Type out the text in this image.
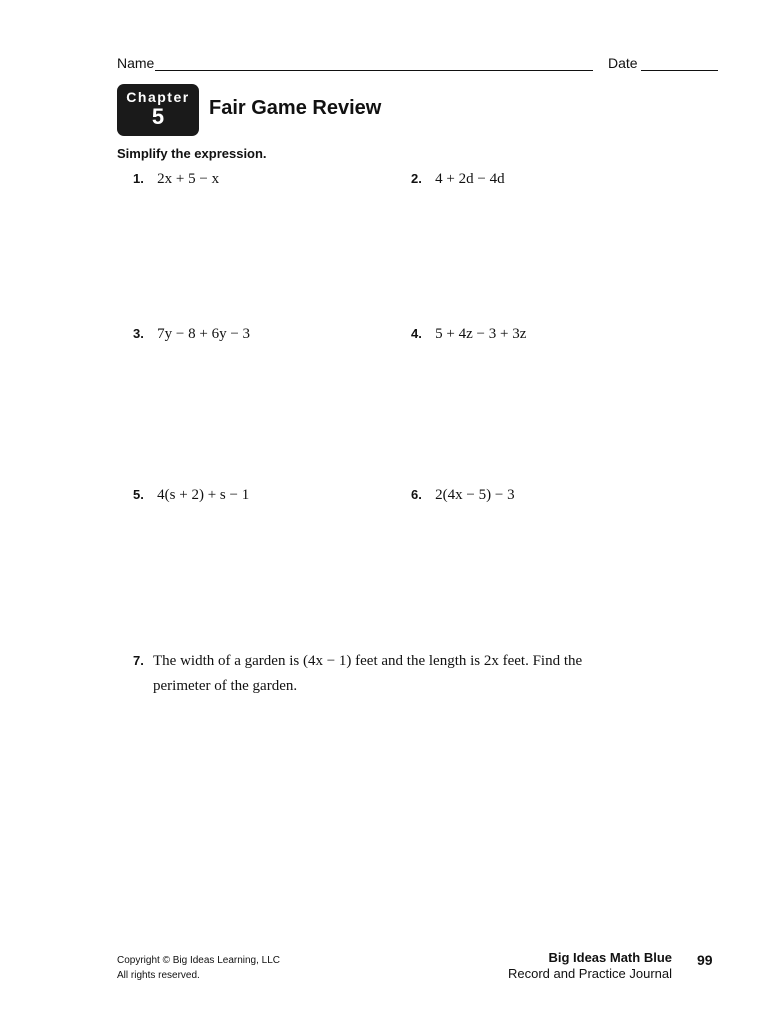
Name	Date
Chapter
5	Fair Game Review
Simplify the expression.
1. 2x + 5 − x	2. 4 + 2d − 4d
3. 7y − 8 + 6y − 3	4. 5 + 4z − 3 + 3z
5. 4(s + 2) + s − 1	6. 2(4x − 5) − 3
7. The width of a garden is (4x − 1) feet and the length is 2x feet. Find the
perimeter of the garden.
Copyright © Big Ideas Learning, LLC
All rights reserved.
Big Ideas Math Blue
Record and Practice Journal
99
